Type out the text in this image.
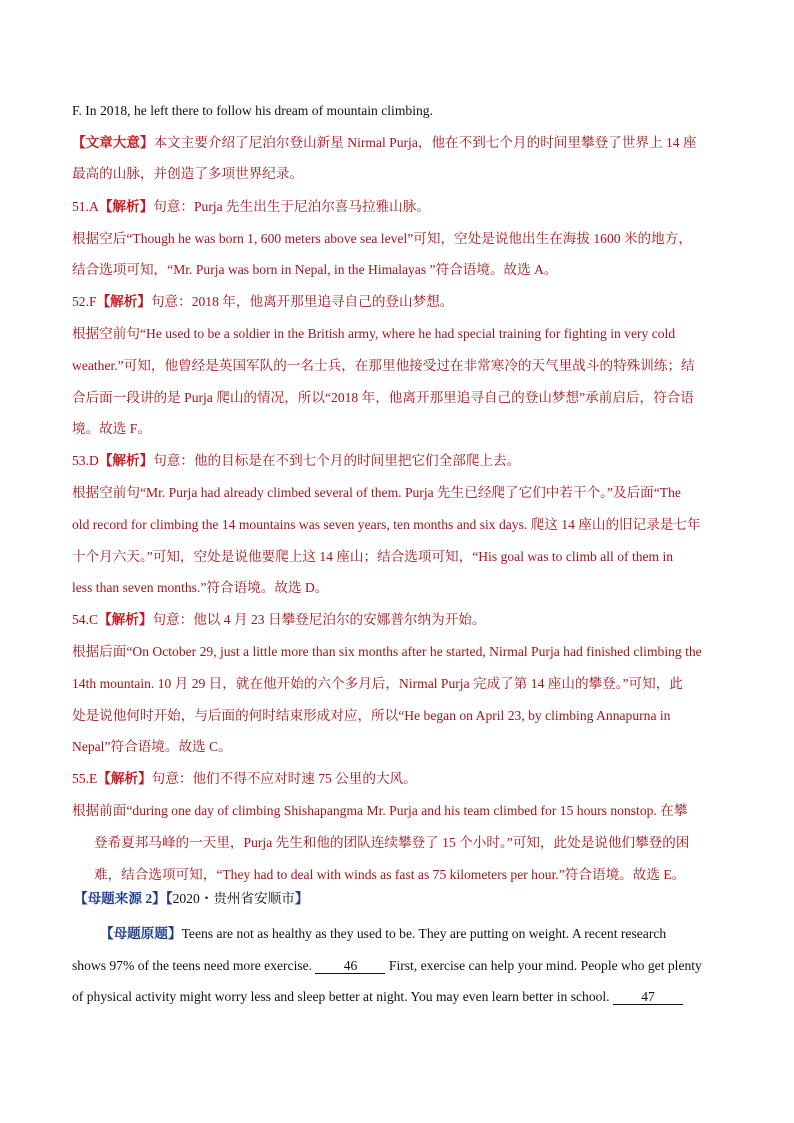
F. In 2018, he left there to follow his dream of mountain climbing.
【文章大意】本文主要介绍了尼泊尔登山新星 Nirmal Purja，他在不到七个月的时间里攀登了世界上 14 座
最高的山脉，并创造了多项世界纪录。
51.A【解析】句意：Purja 先生出生于尼泊尔喜马拉雅山脉。
根据空后“Though he was born 1, 600 meters above sea level”可知，空处是说他出生在海拔 1600 米的地方，
结合选项可知，“Mr. Purja was born in Nepal, in the Himalayas ”符合语境。故选 A。
52.F【解析】句意：2018 年，他离开那里追寻自己的登山梦想。
根据空前句“He used to be a soldier in the British army, where he had special training for fighting in very cold
weather.”可知，他曾经是英国军队的一名士兵，在那里他接受过在非常寒冷的天气里战斗的特殊训练；结
合后面一段讲的是 Purja 爬山的情况，所以“2018 年，他离开那里追寻自己的登山梦想”承前启后，符合语
境。故选 F。
53.D【解析】句意：他的目标是在不到七个月的时间里把它们全部爬上去。
根据空前句“Mr. Purja had already climbed several of them. Purja 先生已经爬了它们中若干个。”及后面“The
old record for climbing the 14 mountains was seven years, ten months and six days. 爬这 14 座山的旧记录是七年
十个月六天。”可知，空处是说他要爬上这 14 座山；结合选项可知，“His goal was to climb all of them in
less than seven months.”符合语境。故选 D。
54.C【解析】句意：他以 4 月 23 日攀登尼泊尔的安娜普尔纳为开始。
根据后面“On October 29, just a little more than six months after he started, Nirmal Purja had finished climbing the
14th mountain. 10 月 29 日，就在他开始的六个多月后，Nirmal Purja 完成了第 14 座山的攀登。”可知，此
处是说他何时开始，与后面的何时结束形成对应，所以“He began on April 23, by climbing Annapurna in
Nepal”符合语境。故选 C。
55.E【解析】句意：他们不得不应对时速 75 公里的大风。
根据前面“during one day of climbing Shishapangma Mr. Purja and his team climbed for 15 hours nonstop. 在攀
登希夏邦马峰的一天里，Purja 先生和他的团队连续攀登了 15 个小时。”可知，此处是说他们攀登的困
难，结合选项可知，“They had to deal with winds as fast as 75 kilometers per hour.”符合语境。故选 E。
【母题来源 2】【2020・贵州省安顺市】
【母题原题】Teens are not as healthy as they used to be. They are putting on weight. A recent research
shows 97% of the teens need more exercise. 46 First, exercise can help your mind. People who get plenty
of physical activity might worry less and sleep better at night. You may even learn better in school. 47
